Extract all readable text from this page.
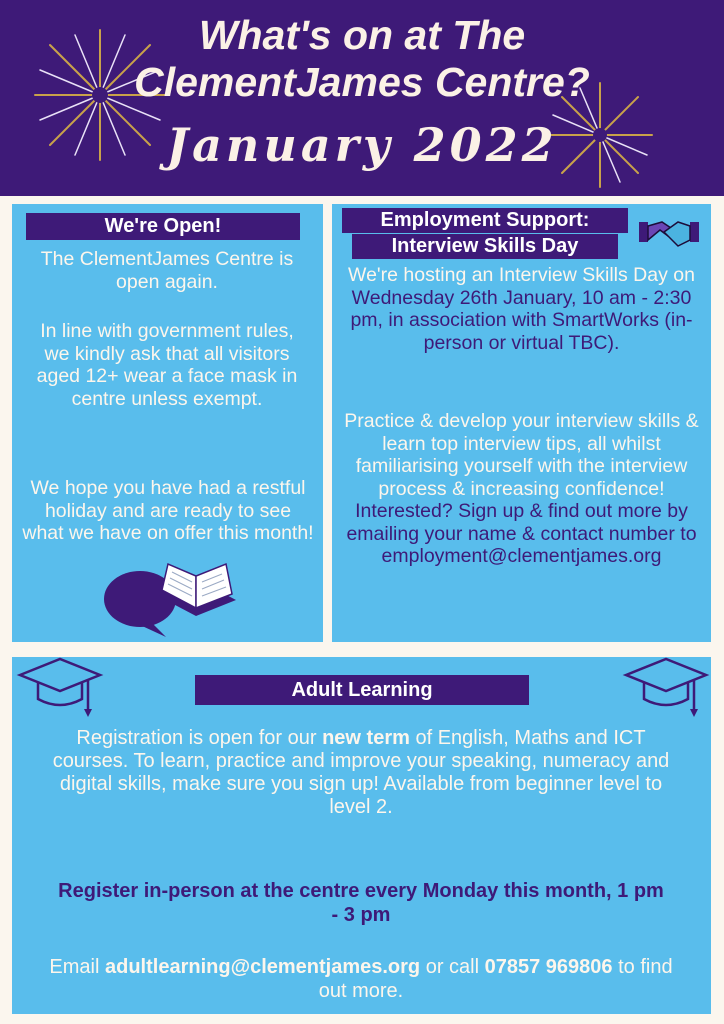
What's on at The
ClementJames Centre?
January 2022
We're Open!

The ClementJames Centre is open again.

In line with government rules, we kindly ask that all visitors aged 12+ wear a face mask in centre unless exempt.

We hope you have had a restful holiday and are ready to see what we have on offer this month!

Employment Support:
Interview Skills Day

We're hosting an Interview Skills Day on Wednesday 26th January, 10 am - 2:30 pm, in association with SmartWorks (in-person or virtual TBC).

Practice & develop your interview skills & learn top interview tips, all whilst familiarising yourself with the interview process & increasing confidence! Interested? Sign up & find out more by emailing your name & contact number to employment@clementjames.org

Adult Learning

Registration is open for our new term of English, Maths and ICT courses. To learn, practice and improve your speaking, numeracy and digital skills, make sure you sign up! Available from beginner level to level 2.

Register in-person at the centre every Monday this month, 1 pm - 3 pm

Email adultlearning@clementjames.org or call 07857 969806 to find out more.
